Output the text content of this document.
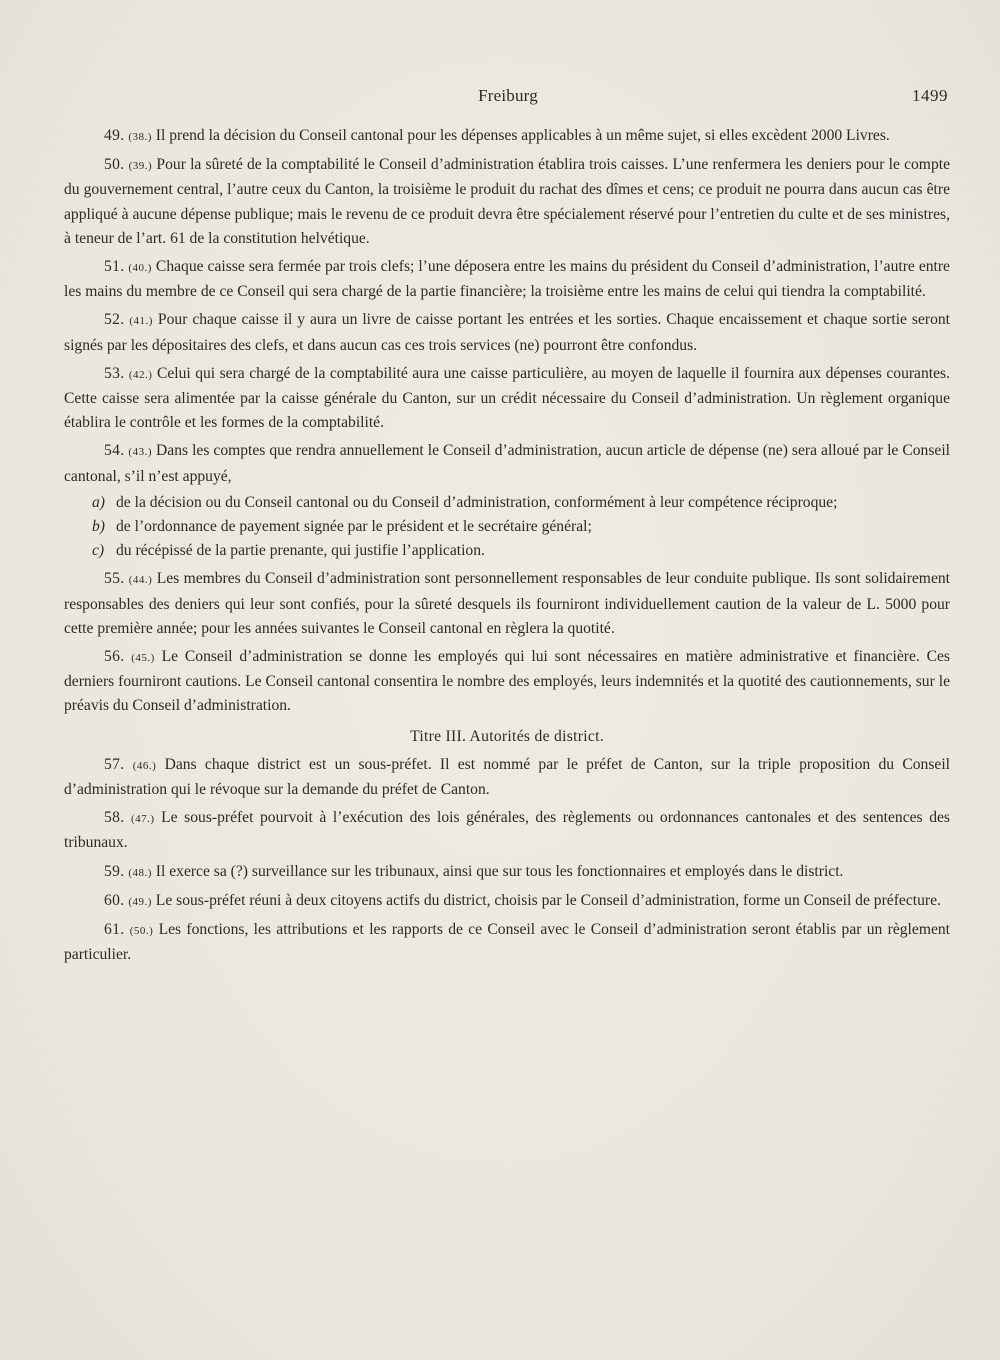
Freiburg	1499

49. (38.) Il prend la décision du Conseil cantonal pour les dépenses applicables à un même sujet, si elles excèdent 2000 Livres.

50. (39.) Pour la sûreté de la comptabilité le Conseil d’administration établira trois caisses. L’une renfermera les deniers pour le compte du gouvernement central, l’autre ceux du Canton, la troisième le produit du rachat des dîmes et cens; ce produit ne pourra dans aucun cas être appliqué à aucune dépense publique; mais le revenu de ce produit devra être spécialement réservé pour l’entretien du culte et de ses ministres, à teneur de l’art. 61 de la constitution helvétique.

51. (40.) Chaque caisse sera fermée par trois clefs; l’une déposera entre les mains du président du Conseil d’administration, l’autre entre les mains du membre de ce Conseil qui sera chargé de la partie financière; la troisième entre les mains de celui qui tiendra la comptabilité.

52. (41.) Pour chaque caisse il y aura un livre de caisse portant les entrées et les sorties. Chaque encaissement et chaque sortie seront signés par les dépositaires des clefs, et dans aucun cas ces trois services (ne) pourront être confondus.

53. (42.) Celui qui sera chargé de la comptabilité aura une caisse particulière, au moyen de laquelle il fournira aux dépenses courantes. Cette caisse sera alimentée par la caisse générale du Canton, sur un crédit nécessaire du Conseil d’administration. Un règlement organique établira le contrôle et les formes de la comptabilité.

54. (43.) Dans les comptes que rendra annuellement le Conseil d’administration, aucun article de dépense (ne) sera alloué par le Conseil cantonal, s’il n’est appuyé,

a) de la décision ou du Conseil cantonal ou du Conseil d’administration, conformément à leur compétence réciproque;

b) de l’ordonnance de payement signée par le président et le secrétaire général;

c) du récépissé de la partie prenante, qui justifie l’application.

55. (44.) Les membres du Conseil d’administration sont personnellement responsables de leur conduite publique. Ils sont solidairement responsables des deniers qui leur sont confiés, pour la sûreté desquels ils fourniront individuellement caution de la valeur de L. 5000 pour cette première année; pour les années suivantes le Conseil cantonal en règlera la quotité.

56. (45.) Le Conseil d’administration se donne les employés qui lui sont nécessaires en matière administrative et financière. Ces derniers fourniront cautions. Le Conseil cantonal consentira le nombre des employés, leurs indemnités et la quotité des cautionnements, sur le préavis du Conseil d’administration.

Titre III. Autorités de district.

57. (46.) Dans chaque district est un sous-préfet. Il est nommé par le préfet de Canton, sur la triple proposition du Conseil d’administration qui le révoque sur la demande du préfet de Canton.

58. (47.) Le sous-préfet pourvoit à l’exécution des lois générales, des règlements ou ordonnances cantonales et des sentences des tribunaux.

59. (48.) Il exerce sa (?) surveillance sur les tribunaux, ainsi que sur tous les fonctionnaires et employés dans le district.

60. (49.) Le sous-préfet réuni à deux citoyens actifs du district, choisis par le Conseil d’administration, forme un Conseil de préfecture.

61. (50.) Les fonctions, les attributions et les rapports de ce Conseil avec le Conseil d’administration seront établis par un règlement particulier.
